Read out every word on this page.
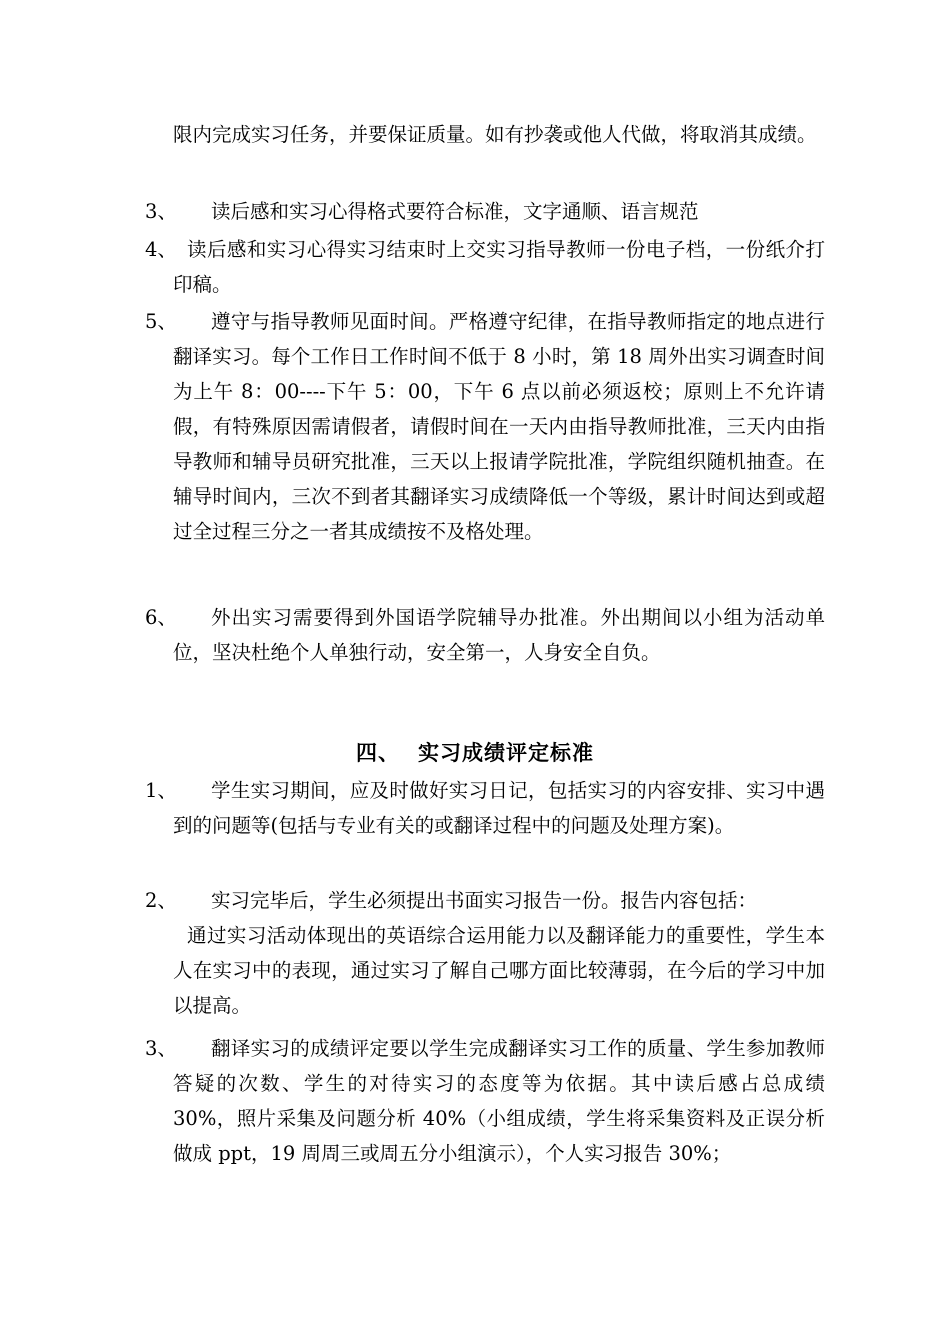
限内完成实习任务，并要保证质量。如有抄袭或他人代做，将取消其成绩。
3、	读后感和实习心得格式要符合标准，文字通顺、语言规范
4、 读后感和实习心得实习结束时上交实习指导教师一份电子档，一份纸介打印稿。
5、	遵守与指导教师见面时间。严格遵守纪律，在指导教师指定的地点进行翻译实习。每个工作日工作时间不低于 8 小时，第 18 周外出实习调查时间为上午 8：00----下午 5：00，下午 6 点以前必须返校；原则上不允许请假，有特殊原因需请假者，请假时间在一天内由指导教师批准，三天内由指导教师和辅导员研究批准，三天以上报请学院批准，学院组织随机抽查。在辅导时间内，三次不到者其翻译实习成绩降低一个等级，累计时间达到或超过全过程三分之一者其成绩按不及格处理。
6、	外出实习需要得到外国语学院辅导办批准。外出期间以小组为活动单位，坚决杜绝个人单独行动，安全第一，人身安全自负。
四、 实习成绩评定标准
1、	学生实习期间，应及时做好实习日记，包括实习的内容安排、实习中遇到的问题等(包括与专业有关的或翻译过程中的问题及处理方案)。
2、	实习完毕后，学生必须提出书面实习报告一份。报告内容包括：
通过实习活动体现出的英语综合运用能力以及翻译能力的重要性，学生本人在实习中的表现，通过实习了解自己哪方面比较薄弱，在今后的学习中加以提高。
3、	翻译实习的成绩评定要以学生完成翻译实习工作的质量、学生参加教师答疑的次数、学生的对待实习的态度等为依据。其中读后感占总成绩 30%，照片采集及问题分析 40%（小组成绩，学生将采集资料及正误分析做成 ppt，19 周周三或周五分小组演示），个人实习报告 30%；
